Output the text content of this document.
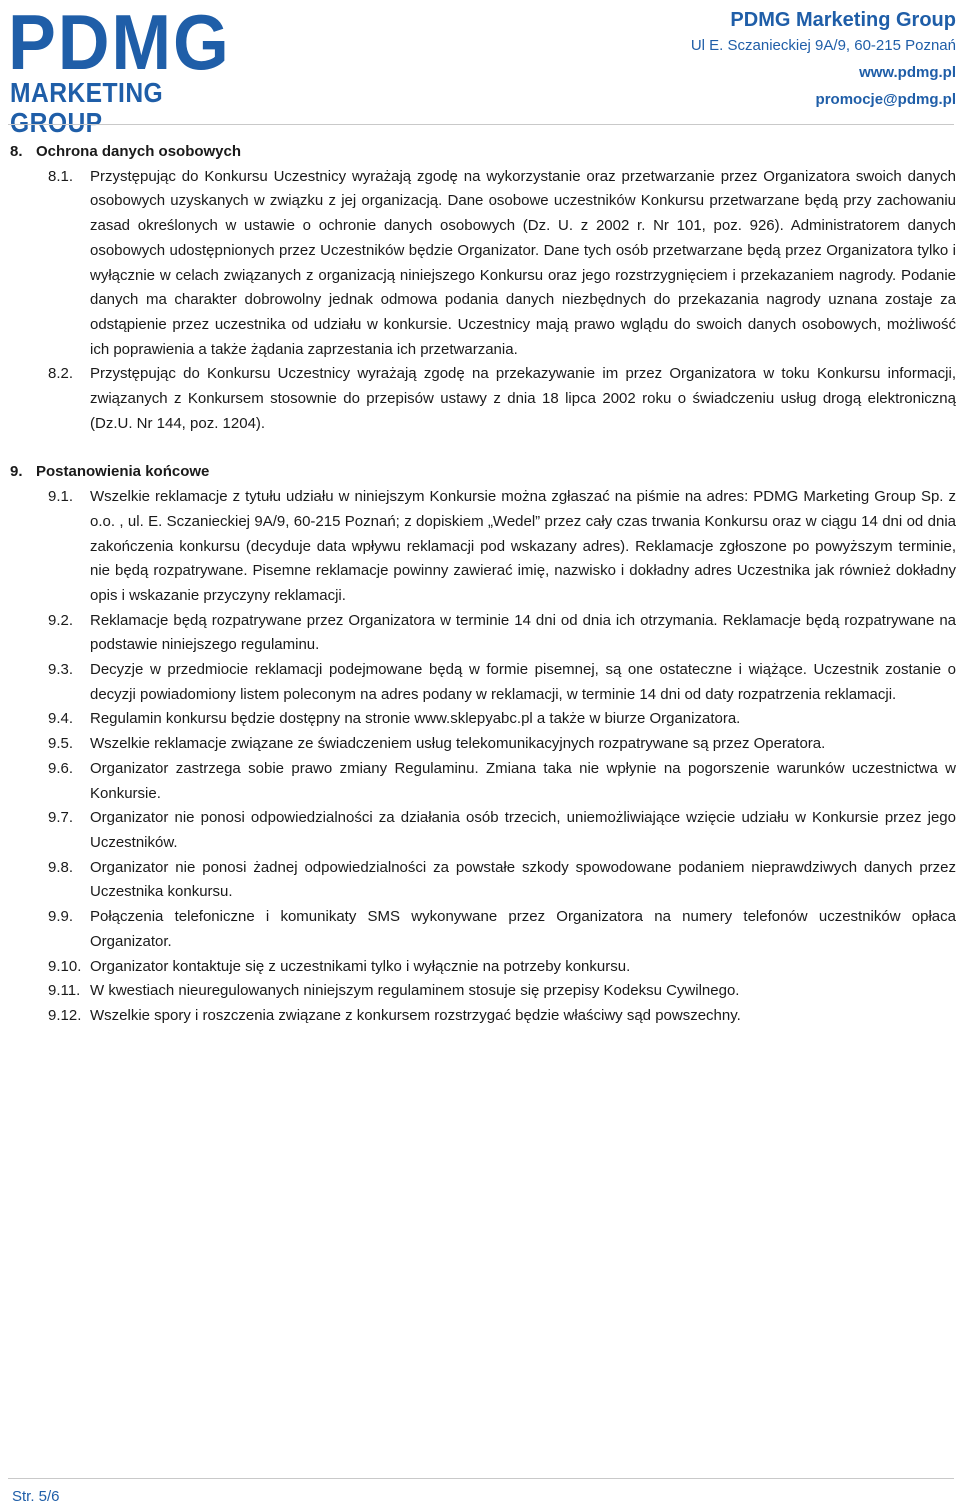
PDMG
MARKETING GROUP
PDMG Marketing Group
Ul E. Sczanieckiej 9A/9, 60-215 Poznań
www.pdmg.pl
promocje@pdmg.pl
8. Ochrona danych osobowych
8.1.	Przystępując do Konkursu Uczestnicy wyrażają zgodę na wykorzystanie oraz przetwarzanie przez Organizatora swoich danych osobowych uzyskanych w związku z jej organizacją. Dane osobowe uczestników Konkursu przetwarzane będą przy zachowaniu zasad określonych w ustawie o ochronie danych osobowych (Dz. U. z 2002 r. Nr 101, poz. 926). Administratorem danych osobowych udostępnionych przez Uczestników będzie Organizator. Dane tych osób przetwarzane będą przez Organizatora tylko i wyłącznie w celach związanych z organizacją niniejszego Konkursu oraz jego rozstrzygnięciem i przekazaniem nagrody. Podanie danych ma charakter dobrowolny jednak odmowa podania danych niezbędnych do przekazania nagrody uznana zostaje za odstąpienie przez uczestnika od udziału w konkursie. Uczestnicy mają prawo wglądu do swoich danych osobowych, możliwość ich poprawienia a także żądania zaprzestania ich przetwarzania.
8.2.	Przystępując do Konkursu Uczestnicy wyrażają zgodę na przekazywanie im przez Organizatora w toku Konkursu informacji, związanych z Konkursem stosownie do przepisów ustawy z dnia 18 lipca 2002 roku o świadczeniu usług drogą elektroniczną (Dz.U. Nr 144, poz. 1204).
9. Postanowienia końcowe
9.1.	Wszelkie reklamacje z tytułu udziału w niniejszym Konkursie można zgłaszać na piśmie na adres: PDMG Marketing Group Sp. z o.o. , ul. E. Sczanieckiej 9A/9, 60-215 Poznań; z dopiskiem „Wedel” przez cały czas trwania Konkursu oraz w ciągu 14 dni od dnia zakończenia konkursu (decyduje data wpływu reklamacji pod wskazany adres). Reklamacje zgłoszone po powyższym terminie, nie będą rozpatrywane. Pisemne reklamacje powinny zawierać imię, nazwisko i dokładny adres Uczestnika jak również dokładny opis i wskazanie przyczyny reklamacji.
9.2.	Reklamacje będą rozpatrywane przez Organizatora w terminie 14 dni od dnia ich otrzymania. Reklamacje będą rozpatrywane na podstawie niniejszego regulaminu.
9.3.	Decyzje w przedmiocie reklamacji podejmowane będą w formie pisemnej, są one ostateczne i wiążące. Uczestnik zostanie o decyzji powiadomiony listem poleconym na adres podany w reklamacji, w terminie 14 dni od daty rozpatrzenia reklamacji.
9.4.	Regulamin konkursu będzie dostępny na stronie www.sklepyabc.pl a także w biurze Organizatora.
9.5.	Wszelkie reklamacje związane ze świadczeniem usług telekomunikacyjnych rozpatrywane są przez Operatora.
9.6.	Organizator zastrzega sobie prawo zmiany Regulaminu. Zmiana taka nie wpłynie na pogorszenie warunków uczestnictwa w Konkursie.
9.7.	Organizator nie ponosi odpowiedzialności za działania osób trzecich, uniemożliwiające wzięcie udziału w Konkursie przez jego Uczestników.
9.8.	Organizator nie ponosi żadnej odpowiedzialności za powstałe szkody spowodowane podaniem nieprawdziwych danych przez Uczestnika konkursu.
9.9.	Połączenia telefoniczne i komunikaty SMS wykonywane przez Organizatora na numery telefonów uczestników opłaca Organizator.
9.10. Organizator kontaktuje się z uczestnikami tylko i wyłącznie na potrzeby konkursu.
9.11. W kwestiach nieuregulowanych niniejszym regulaminem stosuje się przepisy Kodeksu Cywilnego.
9.12. Wszelkie spory i roszczenia związane z konkursem rozstrzygać będzie właściwy sąd powszechny.
Str. 5/6
